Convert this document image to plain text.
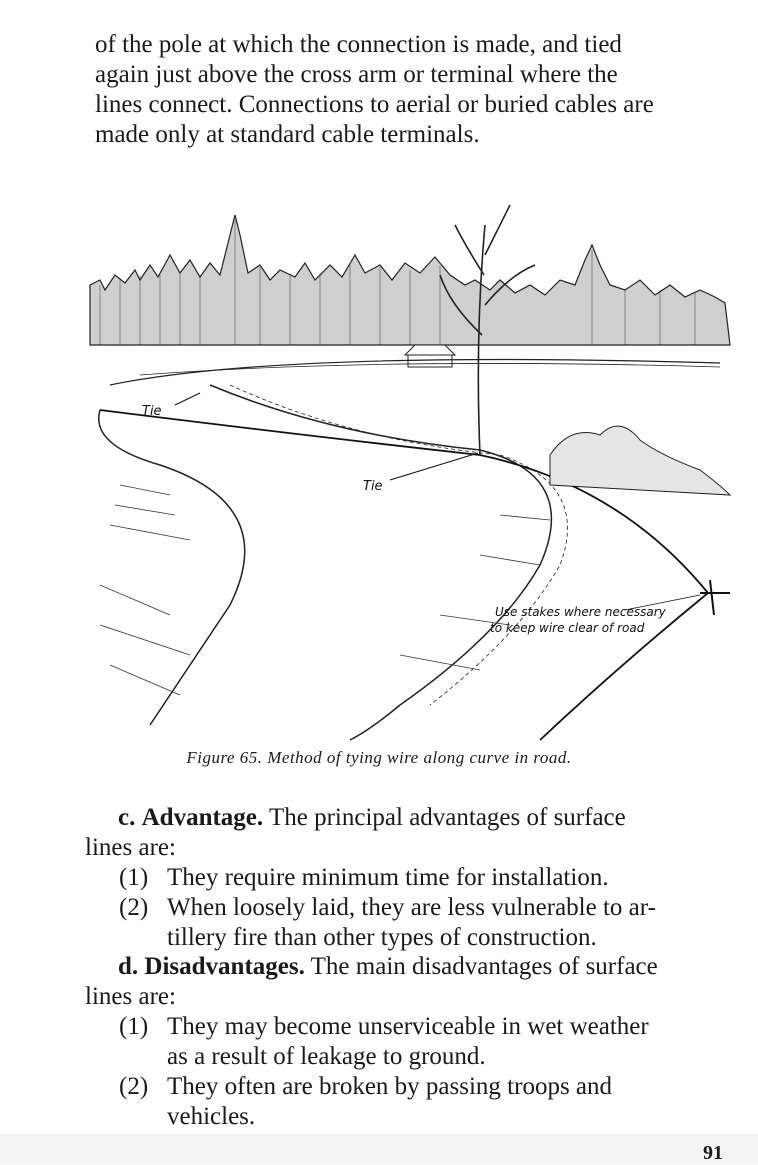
of the pole at which the connection is made, and tied
again just above the cross arm or terminal where the
lines connect. Connections to aerial or buried cables are
made only at standard cable terminals.
Tie
Tie
Use stakes where necessary
to keep wire clear of road
Figure 65. Method of tying wire along curve in road.
c. Advantage. The principal advantages of surface
lines are:
(1) They require minimum time for installation.
(2) When loosely laid, they are less vulnerable to ar-
tillery fire than other types of construction.
d. Disadvantages. The main disadvantages of surface
lines are:
(1) They may become unserviceable in wet weather
as a result of leakage to ground.
(2) They often are broken by passing troops and
vehicles.
91
